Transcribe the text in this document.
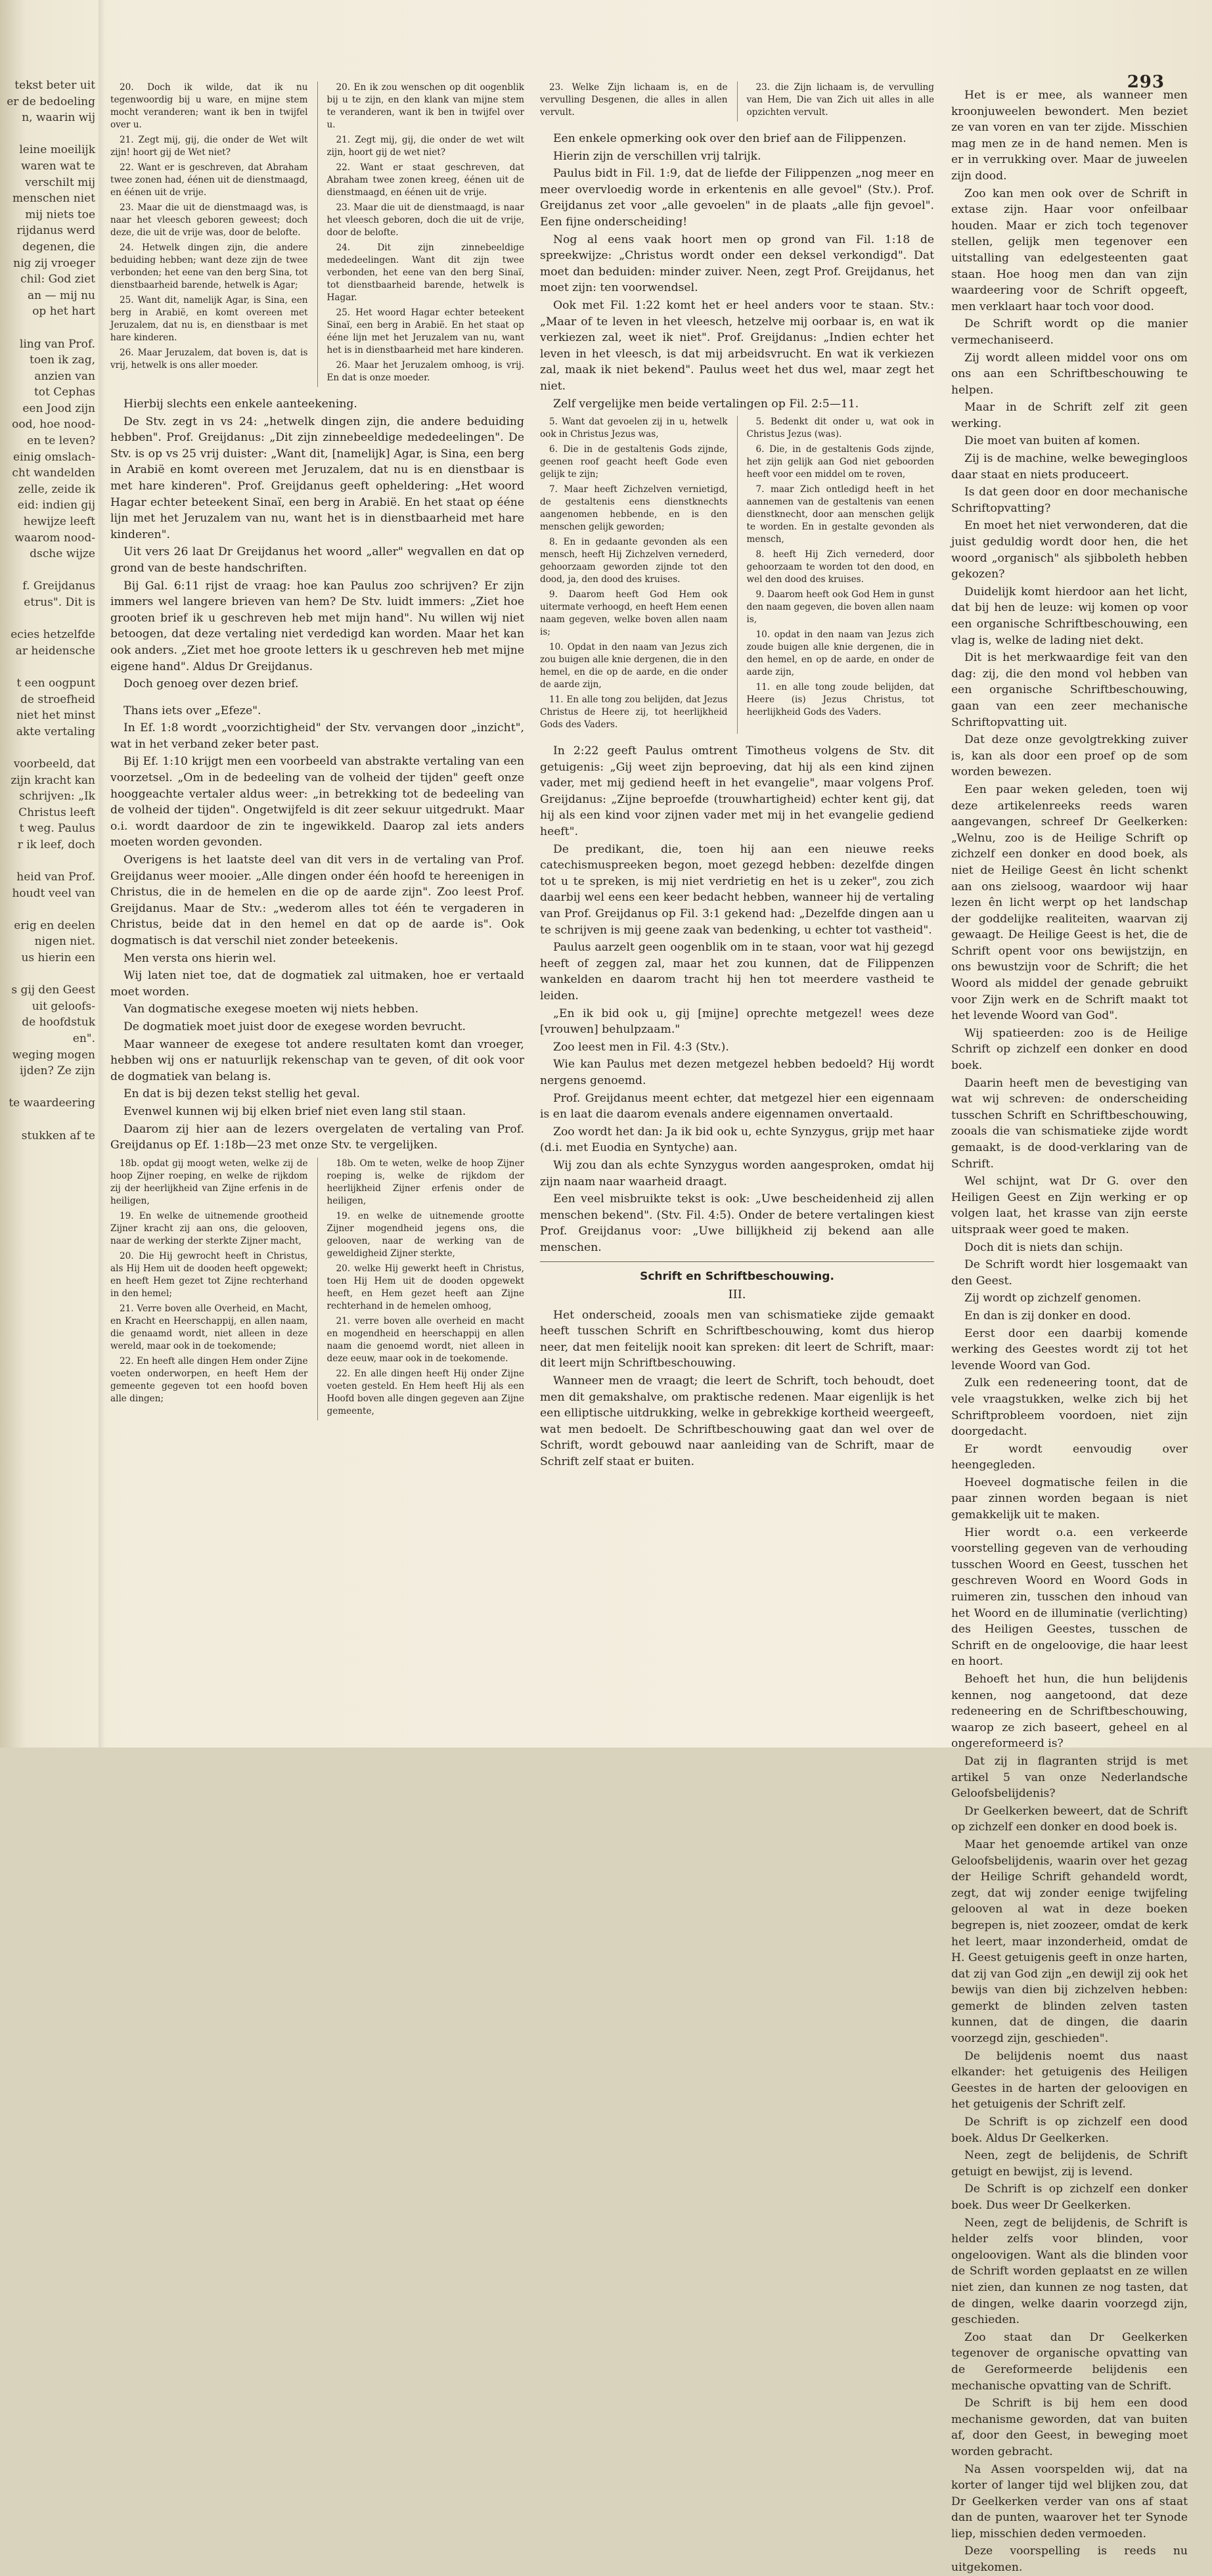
293
tekst beter uit
er de bedoeling
n, waarin wij

leine moeilijk
waren wat te
verschilt mij
menschen niet
mij niets toe
rijdanus werd
degenen, die
nig zij vroeger
chil: God ziet
an — mij nu
op het hart

ling van Prof.
toen ik zag,
anzien van
tot Cephas
een Jood zijn
ood, hoe nood-
en te leven?
einig omslach-
cht wandelden
zelle, zeide ik
eid: indien gij
hewijze leeft
waarom nood-
dsche wijze

f. Greijdanus
etrus". Dit is

ecies hetzelfde
ar heidensche

t een oogpunt
de stroefheid
niet het minst
akte vertaling

voorbeeld, dat
zijn kracht kan
schrijven: „Ik
Christus leeft
t weg. Paulus
r ik leef, doch

heid van Prof.
houdt veel van

erig en deelen
nigen niet.
us hierin een

s gij den Geest
uit geloofs-
de hoofdstuk
en".
weging mogen
ijden? Ze zijn

te waardeering

stukken af te

20. Doch ik wilde, dat ik nu tegenwoordig bij u ware, en mijne stem mocht veranderen; want ik ben in twijfel over u.

21. Zegt mij, gij, die onder de Wet wilt zijn! hoort gij de Wet niet?

22. Want er is geschreven, dat Abraham twee zonen had, éénen uit de dienstmaagd, en éénen uit de vrije.

23. Maar die uit de dienstmaagd was, is naar het vleesch geboren geweest; doch deze, die uit de vrije was, door de belofte.

24. Hetwelk dingen zijn, die andere beduiding hebben; want deze zijn de twee verbonden; het eene van den berg Sina, tot dienstbaarheid barende, hetwelk is Agar;

25. Want dit, namelijk Agar, is Sina, een berg in Arabië, en komt overeen met Jeruzalem, dat nu is, en dienstbaar is met hare kinderen.

26. Maar Jeruzalem, dat boven is, dat is vrij, hetwelk is ons aller moeder.

20. En ik zou wenschen op dit oogenblik bij u te zijn, en den klank van mijne stem te veranderen, want ik ben in twijfel over u.

21. Zegt mij, gij, die onder de wet wilt zijn, hoort gij de wet niet?

22. Want er staat geschreven, dat Abraham twee zonen kreeg, éénen uit de dienstmaagd, en éénen uit de vrije.

23. Maar die uit de dienstmaagd, is naar het vleesch geboren, doch die uit de vrije, door de belofte.

24. Dit zijn zinnebeeldige mededeelingen. Want dit zijn twee verbonden, het eene van den berg Sinaï, tot dienstbaarheid barende, hetwelk is Hagar.

25. Het woord Hagar echter beteekent Sinaï, een berg in Arabië. En het staat op ééne lijn met het Jeruzalem van nu, want het is in dienstbaarheid met hare kinderen.

26. Maar het Jeruzalem omhoog, is vrij. En dat is onze moeder.

Hierbij slechts een enkele aanteekening.

De Stv. zegt in vs 24: „hetwelk dingen zijn, die andere beduiding hebben". Prof. Greijdanus: „Dit zijn zinnebeeldige mededeelingen". De Stv. is op vs 25 vrij duister: „Want dit, [namelijk] Agar, is Sina, een berg in Arabië en komt overeen met Jeruzalem, dat nu is en dienstbaar is met hare kinderen". Prof. Greijdanus geeft opheldering: „Het woord Hagar echter beteekent Sinaï, een berg in Arabië. En het staat op ééne lijn met het Jeruzalem van nu, want het is in dienstbaarheid met hare kinderen".

Uit vers 26 laat Dr Greijdanus het woord „aller" wegvallen en dat op grond van de beste handschriften.

Bij Gal. 6:11 rijst de vraag: hoe kan Paulus zoo schrijven? Er zijn immers wel langere brieven van hem? De Stv. luidt immers: „Ziet hoe grooten brief ik u geschreven heb met mijn hand". Nu willen wij niet betoogen, dat deze vertaling niet verdedigd kan worden. Maar het kan ook anders. „Ziet met hoe groote letters ik u geschreven heb met mijne eigene hand". Aldus Dr Greijdanus.

Doch genoeg over dezen brief.

Thans iets over „Efeze".

In Ef. 1:8 wordt „voorzichtigheid" der Stv. vervangen door „inzicht", wat in het verband zeker beter past.

Bij Ef. 1:10 krijgt men een voorbeeld van abstrakte vertaling van een voorzetsel. „Om in de bedeeling van de volheid der tijden" geeft onze hooggeachte vertaler aldus weer: „in betrekking tot de bedeeling van de volheid der tijden". Ongetwijfeld is dit zeer sekuur uitgedrukt. Maar o.i. wordt daardoor de zin te ingewikkeld. Daarop zal iets anders moeten worden gevonden.

Overigens is het laatste deel van dit vers in de vertaling van Prof. Greijdanus weer mooier. „Alle dingen onder één hoofd te hereenigen in Christus, die in de hemelen en die op de aarde zijn". Zoo leest Prof. Greijdanus. Maar de Stv.: „wederom alles tot één te vergaderen in Christus, beide dat in den hemel en dat op de aarde is". Ook dogmatisch is dat verschil niet zonder beteekenis.

Men versta ons hierin wel.

Wij laten niet toe, dat de dogmatiek zal uitmaken, hoe er vertaald moet worden.

Van dogmatische exegese moeten wij niets hebben.

De dogmatiek moet juist door de exegese worden bevrucht.

Maar wanneer de exegese tot andere resultaten komt dan vroeger, hebben wij ons er natuurlijk rekenschap van te geven, of dit ook voor de dogmatiek van belang is.

En dat is bij dezen tekst stellig het geval.

Evenwel kunnen wij bij elken brief niet even lang stil staan.

Daarom zij hier aan de lezers overgelaten de vertaling van Prof. Greijdanus op Ef. 1:18b—23 met onze Stv. te vergelijken.

18b. opdat gij moogt weten, welke zij de hoop Zijner roeping, en welke de rijkdom zij der heerlijkheid van Zijne erfenis in de heiligen,

19. En welke de uitnemende grootheid Zijner kracht zij aan ons, die gelooven, naar de werking der sterkte Zijner macht,

20. Die Hij gewrocht heeft in Christus, als Hij Hem uit de dooden heeft opgewekt; en heeft Hem gezet tot Zijne rechterhand in den hemel;

21. Verre boven alle Overheid, en Macht, en Kracht en Heerschappij, en allen naam, die genaamd wordt, niet alleen in deze wereld, maar ook in de toekomende;

22. En heeft alle dingen Hem onder Zijne voeten onderworpen, en heeft Hem der gemeente gegeven tot een hoofd boven alle dingen;

18b. Om te weten, welke de hoop Zijner roeping is, welke de rijkdom der heerlijkheid Zijner erfenis onder de heiligen,

19. en welke de uitnemende grootte Zijner mogendheid jegens ons, die gelooven, naar de werking van de geweldigheid Zijner sterkte,

20. welke Hij gewerkt heeft in Christus, toen Hij Hem uit de dooden opgewekt heeft, en Hem gezet heeft aan Zijne rechterhand in de hemelen omhoog,

21. verre boven alle overheid en macht en mogendheid en heerschappij en allen naam die genoemd wordt, niet alleen in deze eeuw, maar ook in de toekomende.

22. En alle dingen heeft Hij onder Zijne voeten gesteld. En Hem heeft Hij als een Hoofd boven alle dingen gegeven aan Zijne gemeente,

23. Welke Zijn lichaam is, en de vervulling Desgenen, die alles in allen vervult.

23. die Zijn lichaam is, de vervulling van Hem, Die van Zich uit alles in alle opzichten vervult.

Een enkele opmerking ook over den brief aan de Filippenzen.

Hierin zijn de verschillen vrij talrijk.

Paulus bidt in Fil. 1:9, dat de liefde der Filippenzen „nog meer en meer overvloedig worde in erkentenis en alle gevoel" (Stv.). Prof. Greijdanus zet voor „alle gevoelen" in de plaats „alle fijn gevoel". Een fijne onderscheiding!

Nog al eens vaak hoort men op grond van Fil. 1:18 de spreekwijze: „Christus wordt onder een deksel verkondigd". Dat moet dan beduiden: minder zuiver. Neen, zegt Prof. Greijdanus, het moet zijn: ten voorwendsel.

Ook met Fil. 1:22 komt het er heel anders voor te staan. Stv.: „Maar of te leven in het vleesch, hetzelve mij oorbaar is, en wat ik verkiezen zal, weet ik niet". Prof. Greijdanus: „Indien echter het leven in het vleesch, is dat mij arbeidsvrucht. En wat ik verkiezen zal, maak ik niet bekend". Paulus weet het dus wel, maar zegt het niet.

Zelf vergelijke men beide vertalingen op Fil. 2:5—11.

5. Want dat gevoelen zij in u, hetwelk ook in Christus Jezus was,

6. Die in de gestaltenis Gods zijnde, geenen roof geacht heeft Gode even gelijk te zijn;

7. Maar heeft Zichzelven vernietigd, de gestaltenis eens dienstknechts aangenomen hebbende, en is den menschen gelijk geworden;

8. En in gedaante gevonden als een mensch, heeft Hij Zichzelven vernederd, gehoorzaam geworden zijnde tot den dood, ja, den dood des kruises.

9. Daarom heeft God Hem ook uitermate verhoogd, en heeft Hem eenen naam gegeven, welke boven allen naam is;

10. Opdat in den naam van Jezus zich zou buigen alle knie dergenen, die in den hemel, en die op de aarde, en die onder de aarde zijn,

11. En alle tong zou belijden, dat Jezus Christus de Heere zij, tot heerlijkheid Gods des Vaders.

5. Bedenkt dit onder u, wat ook in Christus Jezus (was).

6. Die, in de gestaltenis Gods zijnde, het zijn gelijk aan God niet geboorden heeft voor een middel om te roven,

7. maar Zich ontledigd heeft in het aannemen van de gestaltenis van eenen dienstknecht, door aan menschen gelijk te worden. En in gestalte gevonden als mensch,

8. heeft Hij Zich vernederd, door gehoorzaam te worden tot den dood, en wel den dood des kruises.

9. Daarom heeft ook God Hem in gunst den naam gegeven, die boven allen naam is,

10. opdat in den naam van Jezus zich zoude buigen alle knie dergenen, die in den hemel, en op de aarde, en onder de aarde zijn,

11. en alle tong zoude belijden, dat Heere (is) Jezus Christus, tot heerlijkheid Gods des Vaders.

In 2:22 geeft Paulus omtrent Timotheus volgens de Stv. dit getuigenis: „Gij weet zijn beproeving, dat hij als een kind zijnen vader, met mij gediend heeft in het evangelie", maar volgens Prof. Greijdanus: „Zijne beproefde (trouwhartigheid) echter kent gij, dat hij als een kind voor zijnen vader met mij in het evangelie gediend heeft".

De predikant, die, toen hij aan een nieuwe reeks catechismuspreeken begon, moet gezegd hebben: dezelfde dingen tot u te spreken, is mij niet verdrietig en het is u zeker", zou zich daarbij wel eens een keer bedacht hebben, wanneer hij de vertaling van Prof. Greijdanus op Fil. 3:1 gekend had: „Dezelfde dingen aan u te schrijven is mij geene zaak van bedenking, u echter tot vastheid".

Paulus aarzelt geen oogenblik om in te staan, voor wat hij gezegd heeft of zeggen zal, maar het zou kunnen, dat de Filippenzen wankelden en daarom tracht hij hen tot meerdere vastheid te leiden.

„En ik bid ook u, gij [mijne] oprechte metgezel! wees deze [vrouwen] behulpzaam."

Zoo leest men in Fil. 4:3 (Stv.).

Wie kan Paulus met dezen metgezel hebben bedoeld? Hij wordt nergens genoemd.

Prof. Greijdanus meent echter, dat metgezel hier een eigennaam is en laat die daarom evenals andere eigennamen onvertaald.

Zoo wordt het dan: Ja ik bid ook u, echte Synzygus, grijp met haar (d.i. met Euodia en Syntyche) aan.

Wij zou dan als echte Synzygus worden aangesproken, omdat hij zijn naam naar waarheid draagt.

Een veel misbruikte tekst is ook: „Uwe bescheidenheid zij allen menschen bekend". (Stv. Fil. 4:5). Onder de betere vertalingen kiest Prof. Greijdanus voor: „Uwe billijkheid zij bekend aan alle menschen.

Schrift en Schriftbeschouwing.
III.

Het onderscheid, zooals men van schismatieke zijde gemaakt heeft tusschen Schrift en Schriftbeschouwing, komt dus hierop neer, dat men feitelijk nooit kan spreken: dit leert de Schrift, maar: dit leert mijn Schriftbeschouwing.

Wanneer men de vraagt; die leert de Schrift, toch behoudt, doet men dit gemakshalve, om praktische redenen. Maar eigenlijk is het een elliptische uitdrukking, welke in gebrekkige kortheid weergeeft, wat men bedoelt. De Schriftbeschouwing gaat dan wel over de Schrift, wordt gebouwd naar aanleiding van de Schrift, maar de Schrift zelf staat er buiten.

Het is er mee, als wanneer men kroonjuweelen bewondert. Men beziet ze van voren en van ter zijde. Misschien mag men ze in de hand nemen. Men is er in verrukking over. Maar de juweelen zijn dood.

Zoo kan men ook over de Schrift in extase zijn. Haar voor onfeilbaar houden. Maar er zich toch tegenover stellen, gelijk men tegenover een uitstalling van edelgesteenten gaat staan. Hoe hoog men dan van zijn waardeering voor de Schrift opgeeft, men verklaart haar toch voor dood.

De Schrift wordt op die manier vermechaniseerd.

Zij wordt alleen middel voor ons om ons aan een Schriftbeschouwing te helpen.

Maar in de Schrift zelf zit geen werking.

Die moet van buiten af komen.

Zij is de machine, welke bewegingloos daar staat en niets produceert.

Is dat geen door en door mechanische Schriftopvatting?

En moet het niet verwonderen, dat die juist geduldig wordt door hen, die het woord „organisch" als sjibboleth hebben gekozen?

Duidelijk komt hierdoor aan het licht, dat bij hen de leuze: wij komen op voor een organische Schriftbeschouwing, een vlag is, welke de lading niet dekt.

Dit is het merkwaardige feit van den dag: zij, die den mond vol hebben van een organische Schriftbeschouwing, gaan van een zeer mechanische Schriftopvatting uit.

Dat deze onze gevolgtrekking zuiver is, kan als door een proef op de som worden bewezen.

Een paar weken geleden, toen wij deze artikelenreeks reeds waren aangevangen, schreef Dr Geelkerken: „Welnu, zoo is de Heilige Schrift op zichzelf een donker en dood boek, als niet de Heilige Geest ên licht schenkt aan ons zielsoog, waardoor wij haar lezen ên licht werpt op het landschap der goddelijke realiteiten, waarvan zij gewaagt. De Heilige Geest is het, die de Schrift opent voor ons bewijstzijn, en ons bewustzijn voor de Schrift; die het Woord als middel der genade gebruikt voor Zijn werk en de Schrift maakt tot het levende Woord van God".

Wij spatieerden: zoo is de Heilige Schrift op zichzelf een donker en dood boek.

Daarin heeft men de bevestiging van wat wij schreven: de onderscheiding tusschen Schrift en Schriftbeschouwing, zooals die van schismatieke zijde wordt gemaakt, is de dood-verklaring van de Schrift.

Wel schijnt, wat Dr G. over den Heiligen Geest en Zijn werking er op volgen laat, het krasse van zijn eerste uitspraak weer goed te maken.

Doch dit is niets dan schijn.

De Schrift wordt hier losgemaakt van den Geest.

Zij wordt op zichzelf genomen.

En dan is zij donker en dood.

Eerst door een daarbij komende werking des Geestes wordt zij tot het levende Woord van God.

Zulk een redeneering toont, dat de vele vraagstukken, welke zich bij het Schriftprobleem voordoen, niet zijn doorgedacht.

Er wordt eenvoudig over heengegleden.

Hoeveel dogmatische feilen in die paar zinnen worden begaan is niet gemakkelijk uit te maken.

Hier wordt o.a. een verkeerde voorstelling gegeven van de verhouding tusschen Woord en Geest, tusschen het geschreven Woord en Woord Gods in ruimeren zin, tusschen den inhoud van het Woord en de illuminatie (verlichting) des Heiligen Geestes, tusschen de Schrift en de ongeloovige, die haar leest en hoort.

Behoeft het hun, die hun belijdenis kennen, nog aangetoond, dat deze redeneering en de Schriftbeschouwing, waarop ze zich baseert, geheel en al ongereformeerd is?

Dat zij in flagranten strijd is met artikel 5 van onze Nederlandsche Geloofsbelijdenis?

Dr Geelkerken beweert, dat de Schrift op zichzelf een donker en dood boek is.

Maar het genoemde artikel van onze Geloofsbelijdenis, waarin over het gezag der Heilige Schrift gehandeld wordt, zegt, dat wij zonder eenige twijfeling gelooven al wat in deze boeken begrepen is, niet zoozeer, omdat de kerk het leert, maar inzonderheid, omdat de H. Geest getuigenis geeft in onze harten, dat zij van God zijn „en dewijl zij ook het bewijs van dien bij zichzelven hebben: gemerkt de blinden zelven tasten kunnen, dat de dingen, die daarin voorzegd zijn, geschieden".

De belijdenis noemt dus naast elkander: het getuigenis des Heiligen Geestes in de harten der geloovigen en het getuigenis der Schrift zelf.

De Schrift is op zichzelf een dood boek. Aldus Dr Geelkerken.

Neen, zegt de belijdenis, de Schrift getuigt en bewijst, zij is levend.

De Schrift is op zichzelf een donker boek. Dus weer Dr Geelkerken.

Neen, zegt de belijdenis, de Schrift is helder zelfs voor blinden, voor ongeloovigen. Want als die blinden voor de Schrift worden geplaatst en ze willen niet zien, dan kunnen ze nog tasten, dat de dingen, welke daarin voorzegd zijn, geschieden.

Zoo staat dan Dr Geelkerken tegenover de organische opvatting van de Gereformeerde belijdenis een mechanische opvatting van de Schrift.

De Schrift is bij hem een dood mechanisme geworden, dat van buiten af, door den Geest, in beweging moet worden gebracht.

Na Assen voorspelden wij, dat na korter of langer tijd wel blijken zou, dat Dr Geelkerken verder van ons af staat dan de punten, waarover het ter Synode liep, misschien deden vermoeden.

Deze voorspelling is reeds nu uitgekomen.
